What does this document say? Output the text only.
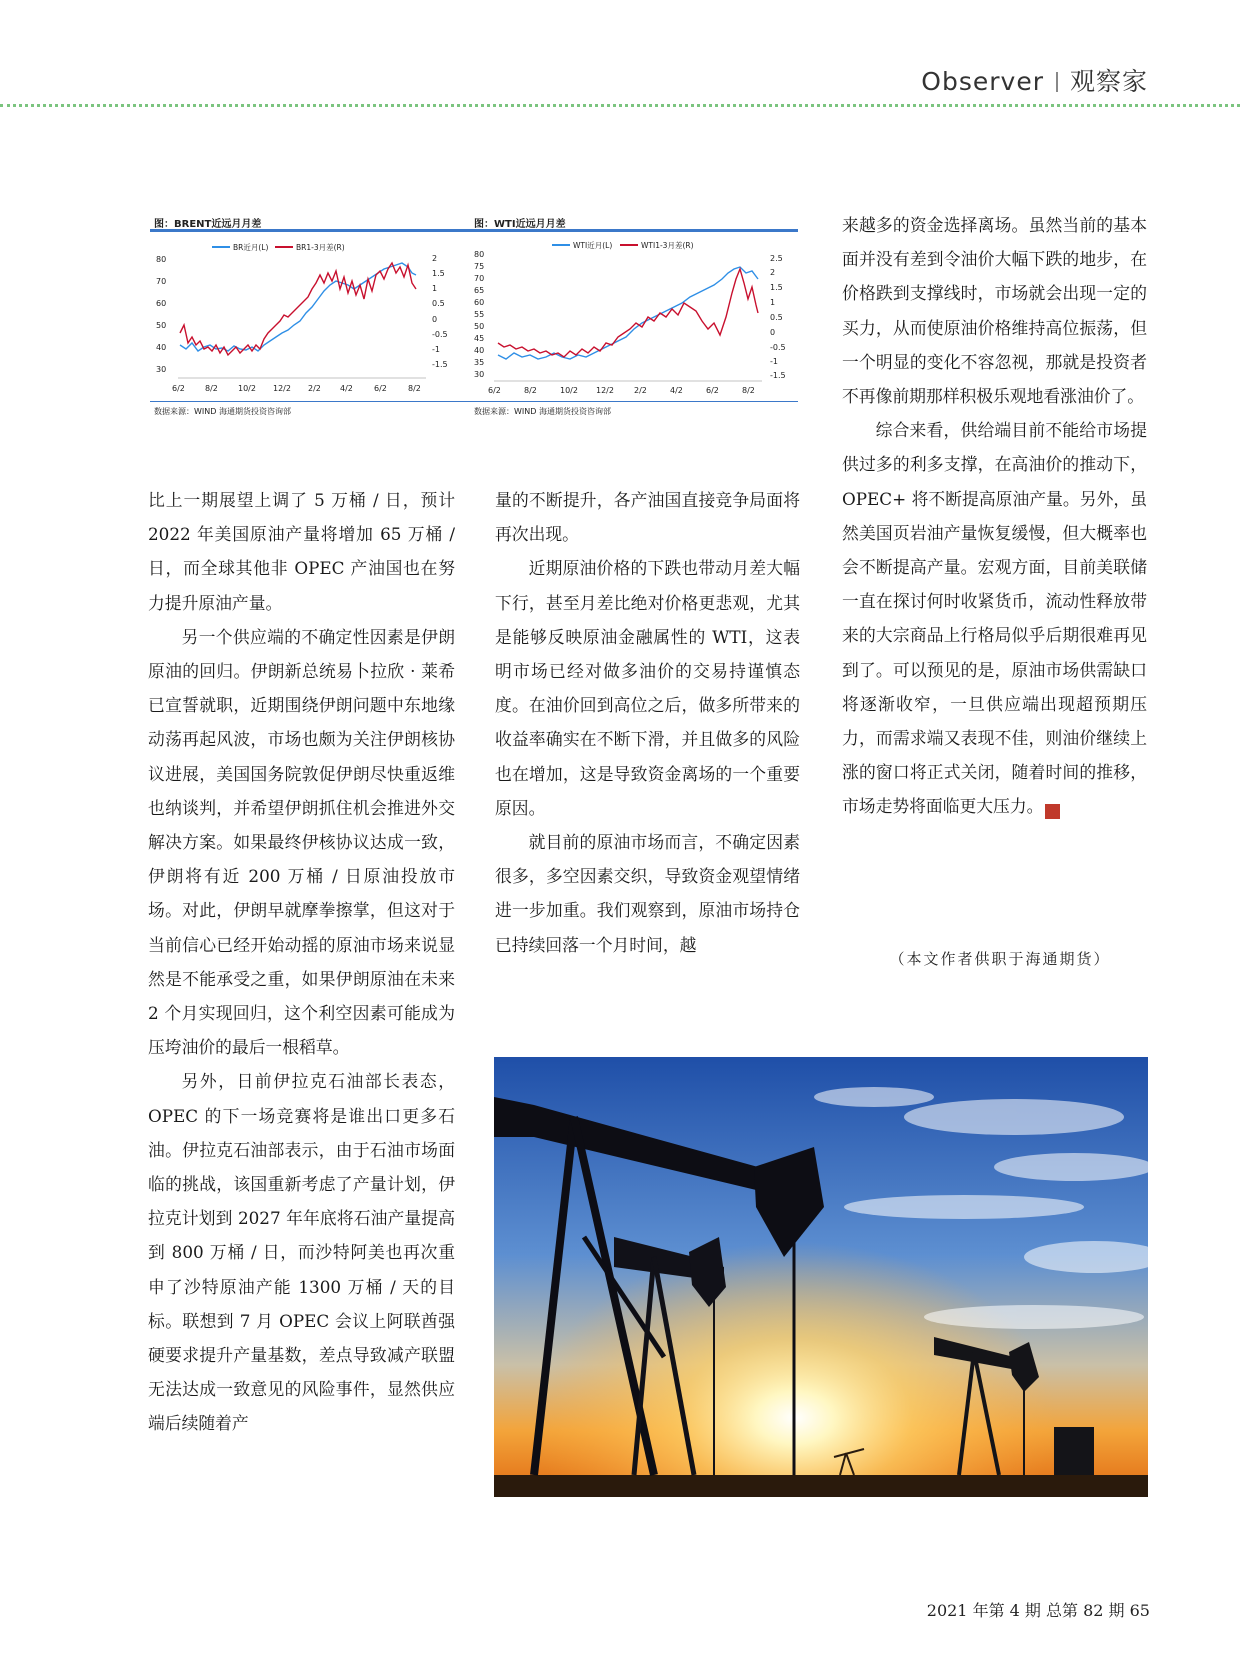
Observer 观察家
图：BRENT近远月月差
BR近月(L)	BR1-3月差(R)
80
70
60
50
40
30
2
1.5
1
0.5
0
-0.5
-1
-1.5
6/2	8/2	10/2 12/2 2/2 4/2	6/2	8/2
数据来源：WIND 海通期货投资咨询部
图：WTI近远月月差
WTI近月(L)	WTI1-3月差(R)
80
75
70
65
60
55
50
45
40
35
30
2.5
2
1.5
1
0.5
0
-0.5
-1
-1.5
6/2	8/2	10/2 12/2	2/2	4/2	6/2	8/2
数据来源：WIND 海通期货投资咨询部

比上一期展望上调了 5 万桶 / 日，预计 2022 年美国原油产量将增加 65 万桶 / 日，而全球其他非 OPEC 产油国也在努力提升原油产量。

另一个供应端的不确定性因素是伊朗原油的回归。伊朗新总统易卜拉欣 · 莱希已宣誓就职，近期围绕伊朗问题中东地缘动荡再起风波，市场也颇为关注伊朗核协议进展，美国国务院敦促伊朗尽快重返维也纳谈判，并希望伊朗抓住机会推进外交解决方案。如果最终伊核协议达成一致，伊朗将有近 200 万桶 / 日原油投放市场。对此，伊朗早就摩拳擦掌，但这对于当前信心已经开始动摇的原油市场来说显然是不能承受之重，如果伊朗原油在未来 2 个月实现回归，这个利空因素可能成为压垮油价的最后一根稻草。

另外，日前伊拉克石油部长表态，OPEC 的下一场竞赛将是谁出口更多石油。伊拉克石油部表示，由于石油市场面临的挑战，该国重新考虑了产量计划，伊拉克计划到 2027 年年底将石油产量提高到 800 万桶 / 日，而沙特阿美也再次重申了沙特原油产能 1300 万桶 / 天的目标。联想到 7 月 OPEC 会议上阿联酋强硬要求提升产量基数，差点导致减产联盟无法达成一致意见的风险事件，显然供应端后续随着产

量的不断提升，各产油国直接竞争局面将再次出现。

近期原油价格的下跌也带动月差大幅下行，甚至月差比绝对价格更悲观，尤其是能够反映原油金融属性的 WTI，这表明市场已经对做多油价的交易持谨慎态度。在油价回到高位之后，做多所带来的收益率确实在不断下滑，并且做多的风险也在增加，这是导致资金离场的一个重要原因。

就目前的原油市场而言，不确定因素很多，多空因素交织，导致资金观望情绪进一步加重。我们观察到，原油市场持仓已持续回落一个月时间，越

来越多的资金选择离场。虽然当前的基本面并没有差到令油价大幅下跌的地步，在价格跌到支撑线时，市场就会出现一定的买力，从而使原油价格维持高位振荡，但一个明显的变化不容忽视，那就是投资者不再像前期那样积极乐观地看涨油价了。

综合来看，供给端目前不能给市场提供过多的利多支撑，在高油价的推动下，OPEC+ 将不断提高原油产量。另外，虽然美国页岩油产量恢复缓慢，但大概率也会不断提高产量。宏观方面，目前美联储一直在探讨何时收紧货币，流动性释放带来的大宗商品上行格局似乎后期很难再见到了。可以预见的是，原油市场供需缺口将逐渐收窄，一旦供应端出现超预期压力，而需求端又表现不佳，则油价继续上涨的窗口将正式关闭，随着时间的推移，市场走势将面临更大压力。	田

（本文作者供职于海通期货）
2021 年第 4 期 总第 82 期 65
